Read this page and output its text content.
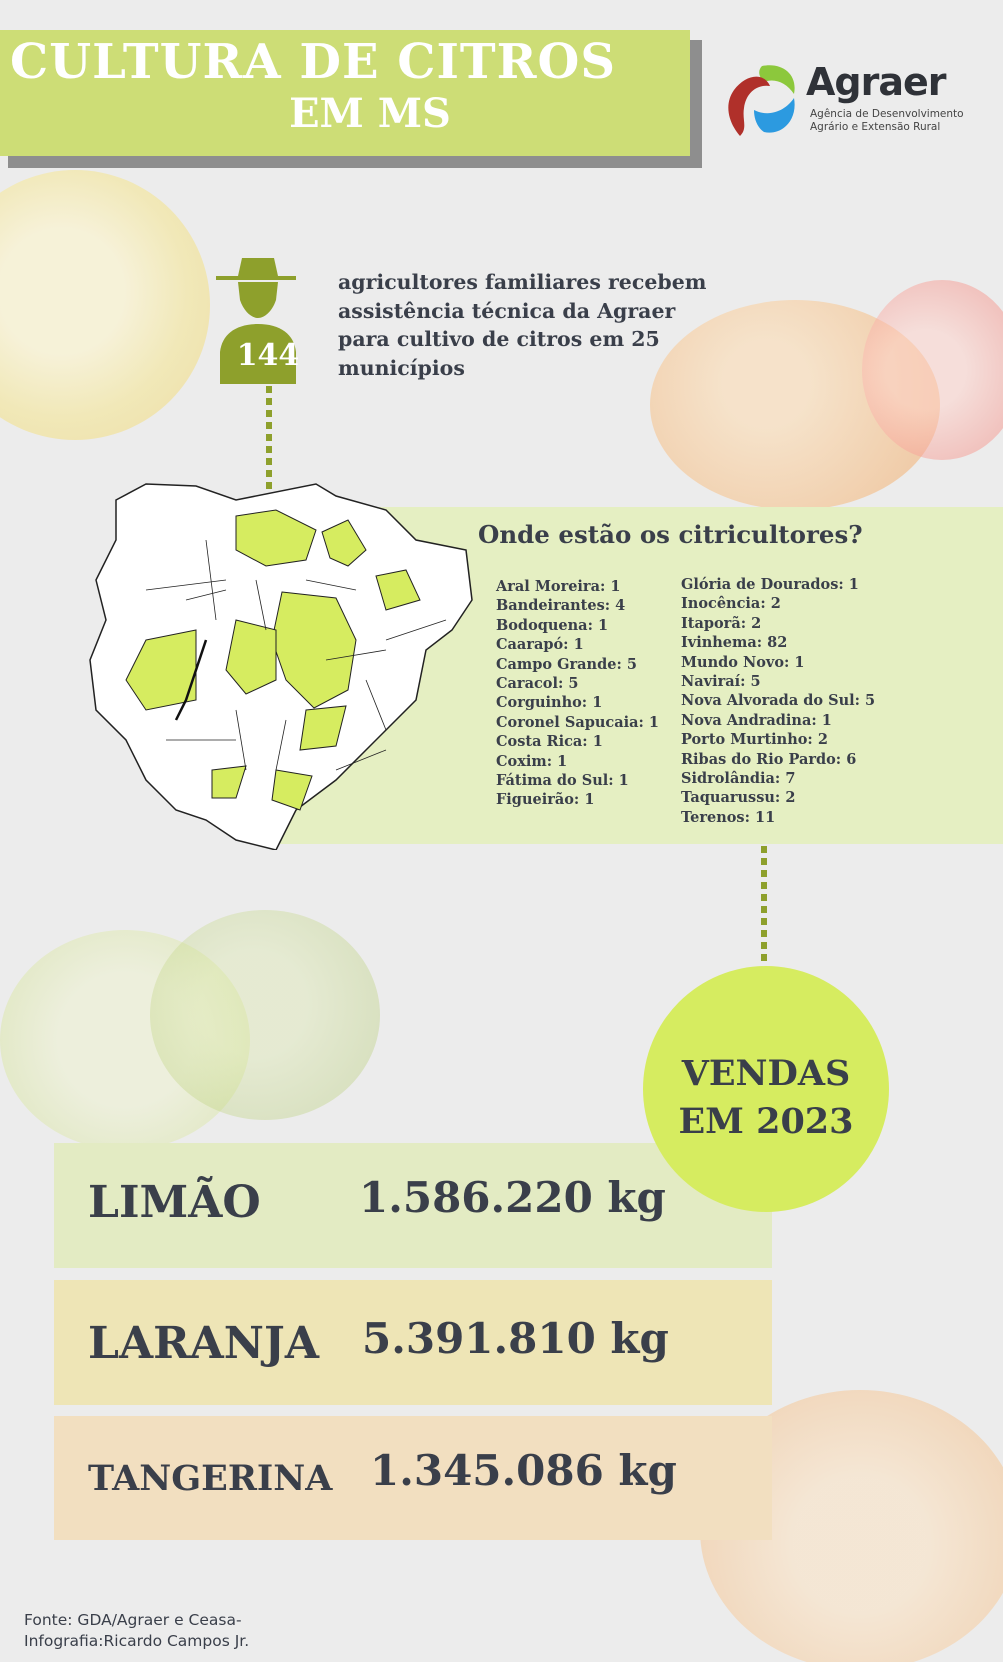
CULTURA DE CITROS
EM MS
Agraer
Agência de Desenvolvimento
Agrário e Extensão Rural
144
agricultores familiares recebem
assistência técnica da Agraer
para cultivo de citros em 25
municípios
Onde estão os citricultores?
Aral Moreira: 1
Bandeirantes: 4
Bodoquena: 1
Caarapó: 1
Campo Grande: 5
Caracol: 5
Corguinho: 1
Coronel Sapucaia: 1
Costa Rica: 1
Coxim: 1
Fátima do Sul: 1
Figueirão: 1
Glória de Dourados: 1
Inocência: 2
Itaporã: 2
Ivinhema: 82
Mundo Novo: 1
Naviraí: 5
Nova Alvorada do Sul: 5
Nova Andradina: 1
Porto Murtinho: 2
Ribas do Rio Pardo: 6
Sidrolândia: 7
Taquarussu: 2
Terenos: 11
LIMÃO 1.586.220 kg
LARANJA 5.391.810 kg
TANGERINA 1.345.086 kg
VENDAS
EM 2023
Fonte: GDA/Agraer e Ceasa-
Infografia:Ricardo Campos Jr.
